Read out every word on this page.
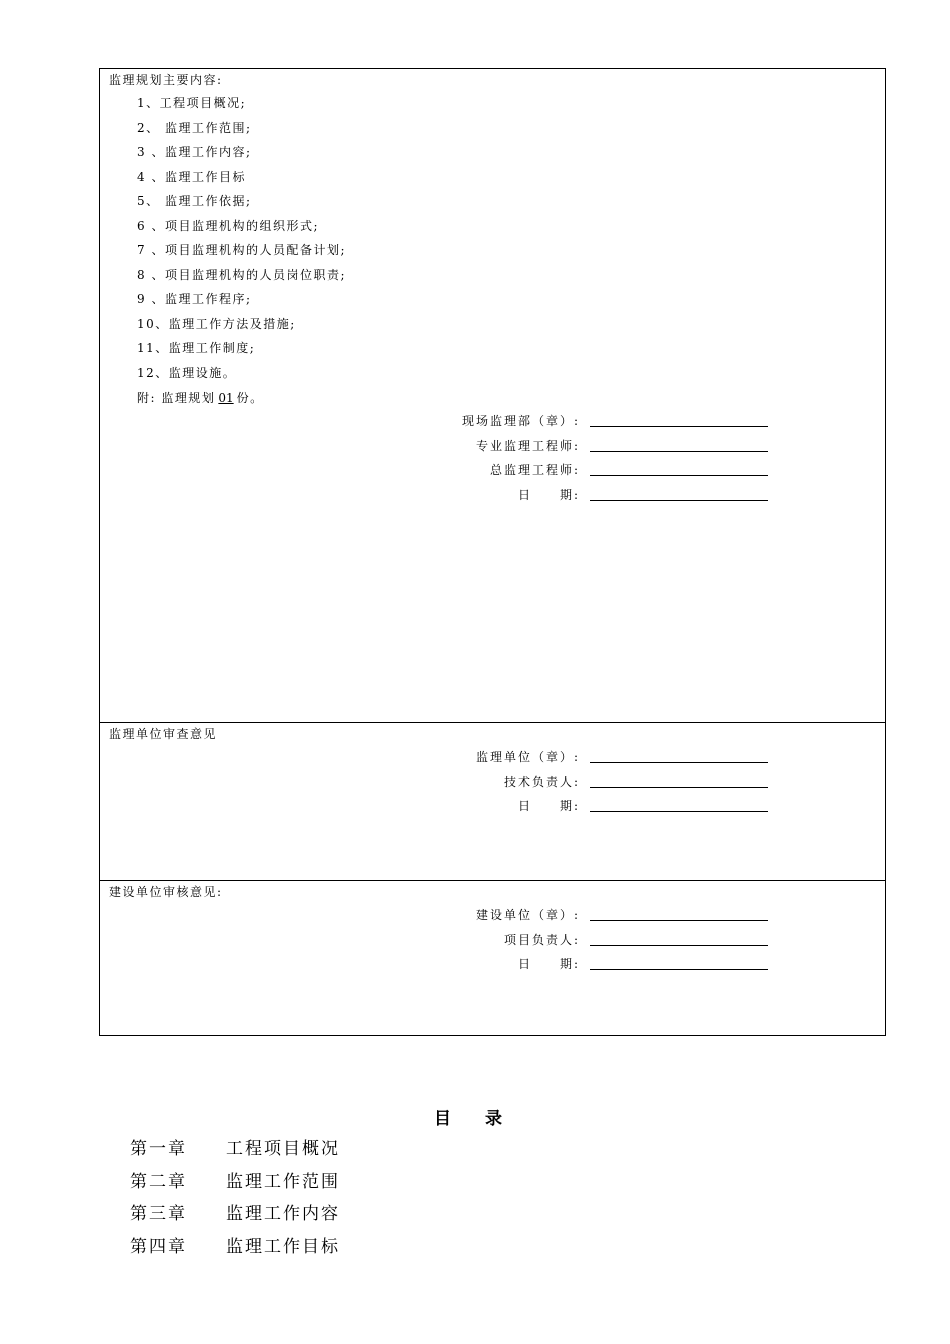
监理规划主要内容:
1、工程项目概况;
2、 监理工作范围;
3 、监理工作内容;
4 、监理工作目标
5、 监理工作依据;
6 、项目监理机构的组织形式;
7 、项目监理机构的人员配备计划;
8 、项目监理机构的人员岗位职责;
9 、监理工作程序;
10、监理工作方法及措施;
11、监理工作制度;
12、监理设施。
附: 监理规划 01 份。
现场监理部（章）:
专业监理工程师:
总监理工程师:
日　　期:
监理单位审查意见
监理单位（章）:
技术负责人:
日　　期:
建设单位审核意见:
建设单位（章）:
项目负责人:
日　　期:
目 录
第一章 工程项目概况
第二章 监理工作范围
第三章 监理工作内容
第四章 监理工作目标
